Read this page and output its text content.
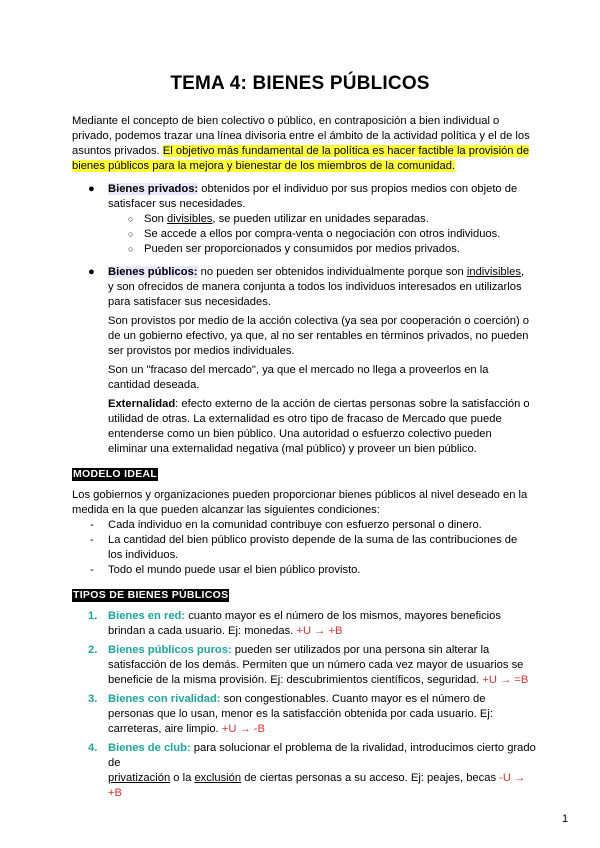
TEMA 4: BIENES PÚBLICOS

Mediante el concepto de bien colectivo o público, en contraposición a bien individual o

privado, podemos trazar una línea divisoria entre el ámbito de la actividad política y el de los

asuntos privados. El objetivo más fundamental de la política es hacer factible la provisión de

bienes públicos para la mejora y bienestar de los miembros de la comunidad.

● Bienes privados: obtenidos por el individuo por sus propios medios con objeto de

satisfacer sus necesidades.

○ Son divisibles, se pueden utilizar en unidades separadas.

○ Se accede a ellos por compra-venta o negociación con otros individuos.

○ Pueden ser proporcionados y consumidos por medios privados.

● Bienes públicos: no pueden ser obtenidos individualmente porque son indivisibles,

y son ofrecidos de manera conjunta a todos los individuos interesados en utilizarlos

para satisfacer sus necesidades.

Son provistos por medio de la acción colectiva (ya sea por cooperación o coerción) o

de un gobierno efectivo, ya que, al no ser rentables en términos privados, no pueden

ser provistos por medios individuales.

Son un "fracaso del mercado", ya que el mercado no llega a proveerlos en la

cantidad deseada.

Externalidad: efecto externo de la acción de ciertas personas sobre la satisfacción o

utilidad de otras. La externalidad es otro tipo de fracaso de Mercado que puede

entenderse como un bien público. Una autoridad o esfuerzo colectivo pueden

eliminar una externalidad negativa (mal público) y proveer un bien público.

MODELO IDEAL

Los gobiernos y organizaciones pueden proporcionar bienes públicos al nivel deseado en la

medida en la que pueden alcanzar las siguientes condiciones:

- Cada individuo en la comunidad contribuye con esfuerzo personal o dinero.

- La cantidad del bien público provisto depende de la suma de las contribuciones de

los individuos.

- Todo el mundo puede usar el bien público provisto.

TIPOS DE BIENES PÚBLICOS
1. Bienes en red: cuanto mayor es el número de los mismos, mayores beneficios

brindan a cada usuario. Ej: monedas. +U → +B

2. Bienes públicos puros: pueden ser utilizados por una persona sin alterar la

satisfacción de los demás. Permiten que un número cada vez mayor de usuarios se

beneficie de la misma provisión. Ej: descubrimientos científicos, seguridad. +U → =B

3. Bienes con rivalidad: son congestionables. Cuanto mayor es el número de

personas que lo usan, menor es la satisfacción obtenida por cada usuario. Ej:

carreteras, aire limpio. +U → -B

4. Bienes de club: para solucionar el problema de la rivalidad, introducimos cierto grado de

privatización o la exclusión de ciertas personas a su acceso. Ej: peajes, becas -U → +B

1
